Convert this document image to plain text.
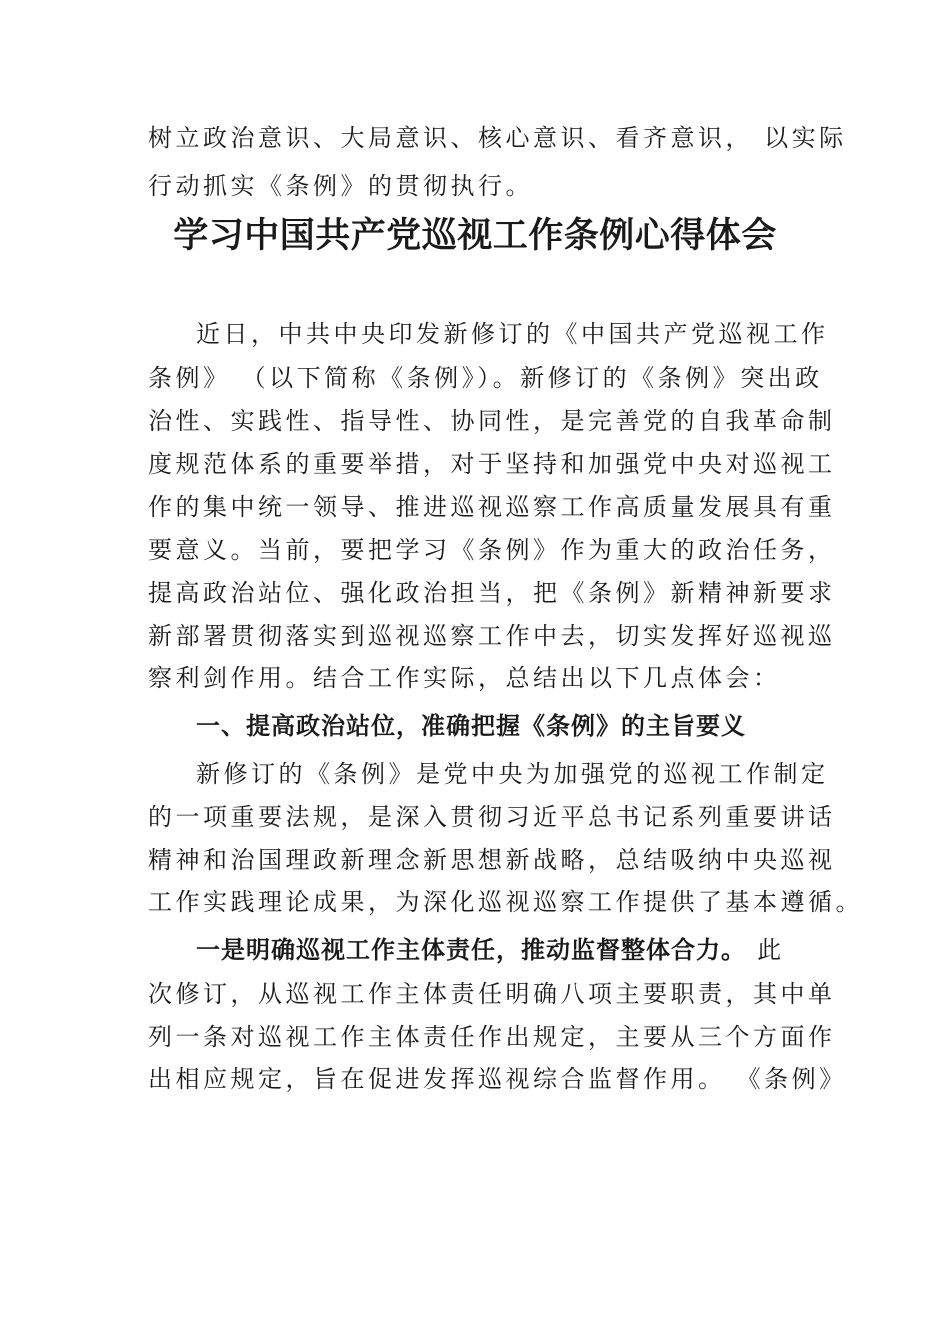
树立政治意识、大局意识、核心意识、看齐意识， 以实际
行动抓实《条例》的贯彻执行。
学习中国共产党巡视工作条例心得体会
近日，中共中央印发新修订的《中国共产党巡视工作
条例》 （以下简称《条例》）。新修订的《条例》突出政
治性、实践性、指导性、协同性，是完善党的自我革命制
度规范体系的重要举措，对于坚持和加强党中央对巡视工
作的集中统一领导、推进巡视巡察工作高质量发展具有重
要意义。当前，要把学习《条例》作为重大的政治任务，
提高政治站位、强化政治担当，把《条例》新精神新要求
新部署贯彻落实到巡视巡察工作中去，切实发挥好巡视巡
察利剑作用。结合工作实际，总结出以下几点体会：
一、提高政治站位，准确把握《条例》的主旨要义
新修订的《条例》是党中央为加强党的巡视工作制定
的一项重要法规，是深入贯彻习近平总书记系列重要讲话
精神和治国理政新理念新思想新战略，总结吸纳中央巡视
工作实践理论成果，为深化巡视巡察工作提供了基本遵循。
一是明确巡视工作主体责任，推动监督整体合力。 此
次修订，从巡视工作主体责任明确八项主要职责，其中单
列一条对巡视工作主体责任作出规定，主要从三个方面作
出相应规定，旨在促进发挥巡视综合监督作用。 《条例》
